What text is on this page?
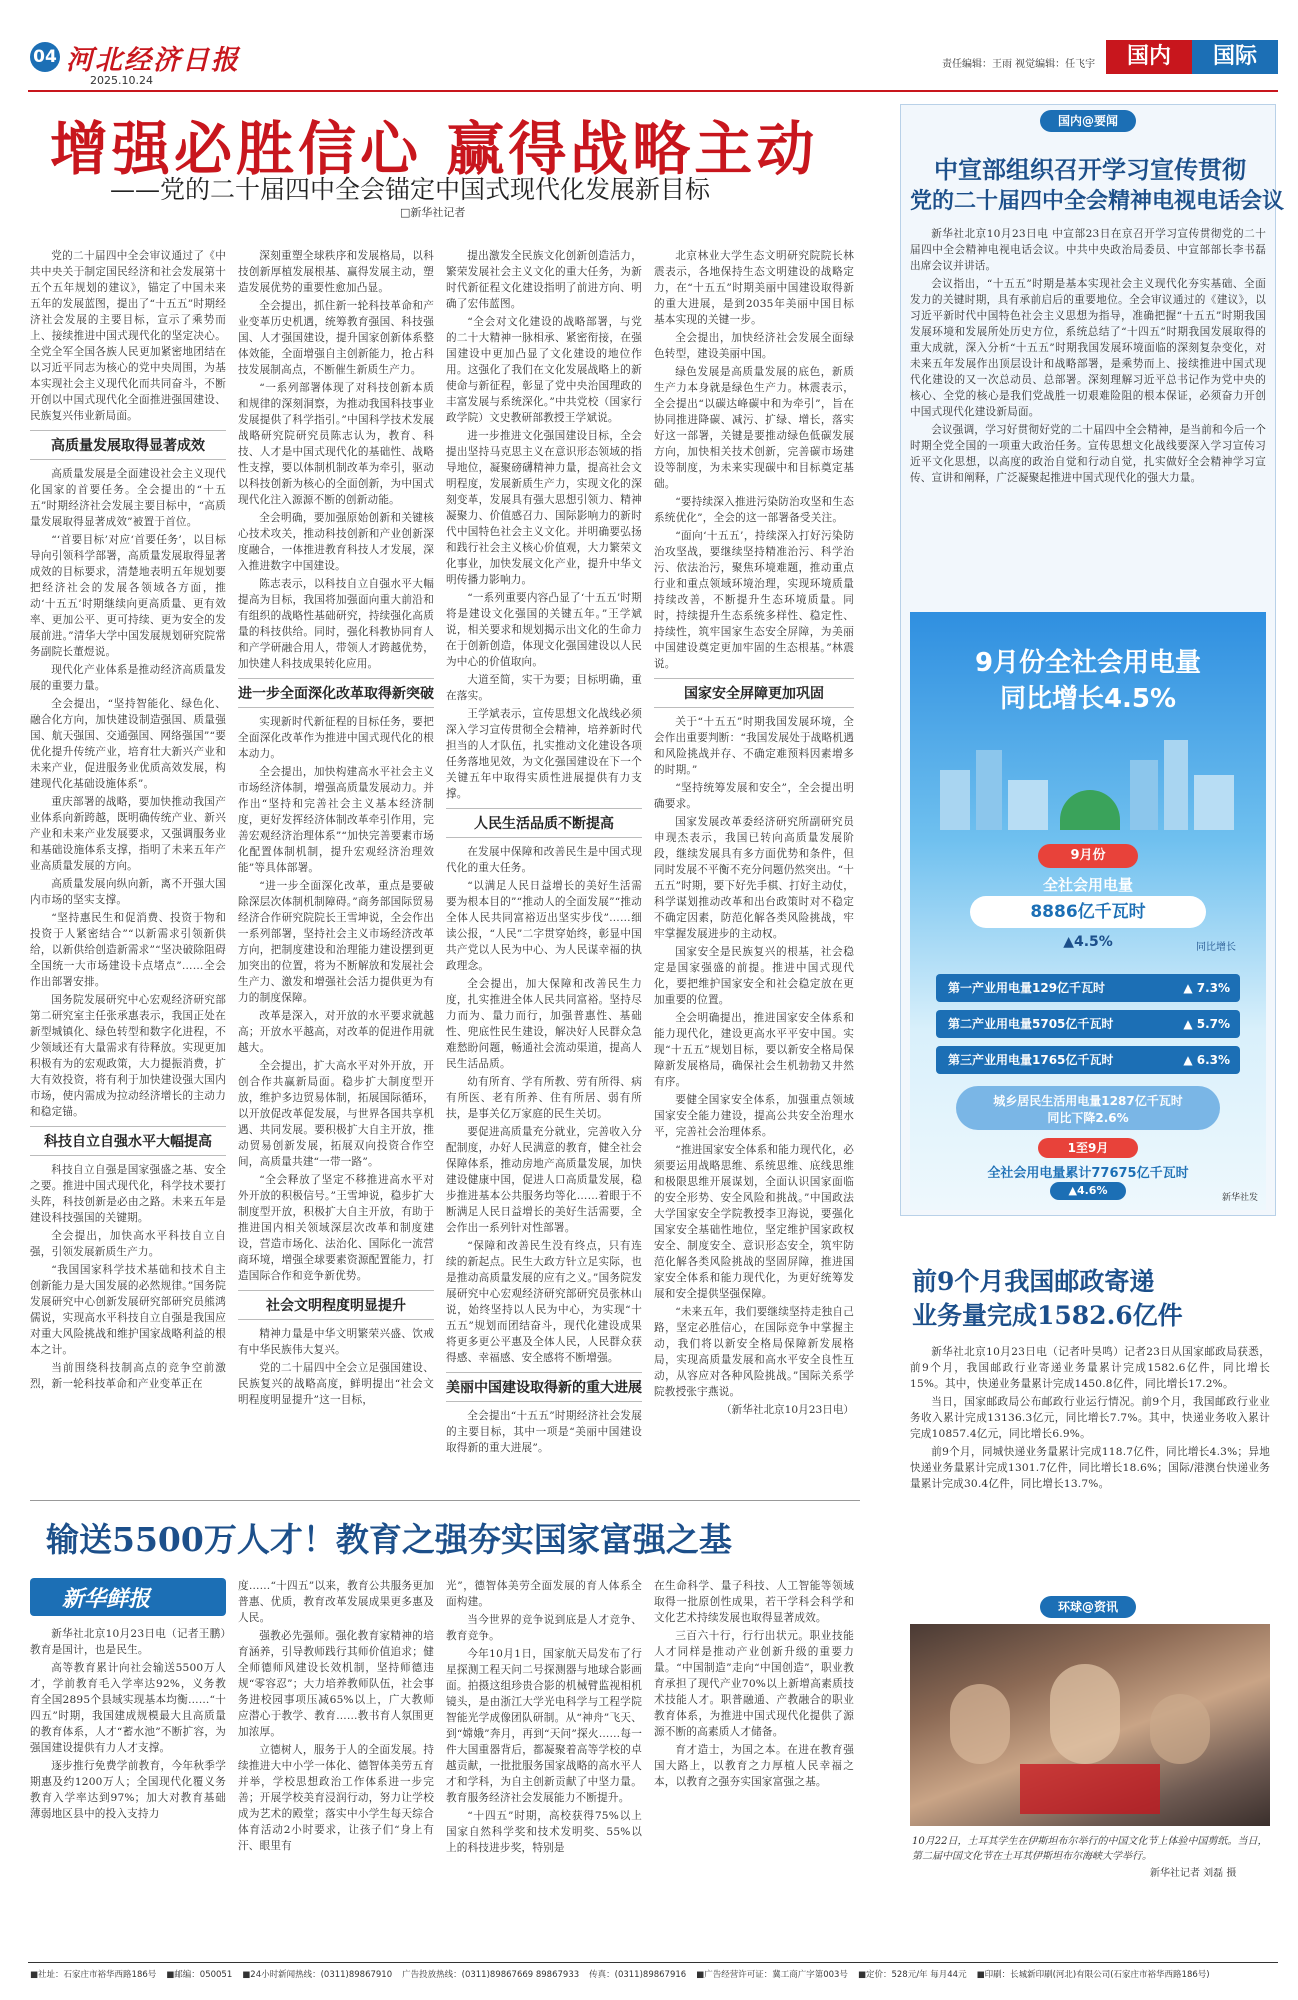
04 河北经济日报
2025.10.24
责任编辑：王雨 视觉编辑：任飞宇	国内	国际
增强必胜信心 赢得战略主动
——党的二十届四中全会锚定中国式现代化发展新目标
□新华社记者

党的二十届四中全会审议通过了《中共中央关于制定国民经济和社会发展第十五个五年规划的建议》，锚定了中国未来五年的发展蓝图，提出了“十五五”时期经济社会发展的主要目标，宣示了乘势而上、接续推进中国式现代化的坚定决心。全党全军全国各族人民更加紧密地团结在以习近平同志为核心的党中央周围，为基本实现社会主义现代化而共同奋斗，不断开创以中国式现代化全面推进强国建设、民族复兴伟业新局面。

高质量发展取得显著成效

高质量发展是全面建设社会主义现代化国家的首要任务。全会提出的“十五五”时期经济社会发展主要目标中，“高质量发展取得显著成效”被置于首位。

“‘首要目标’对应‘首要任务’，以目标导向引领科学部署，高质量发展取得显著成效的目标要求，清楚地表明五年规划要把经济社会的发展各领域各方面，推动‘十五五’时期继续向更高质量、更有效率、更加公平、更可持续、更为安全的发展前进。”清华大学中国发展规划研究院常务副院长董煜说。

现代化产业体系是推动经济高质量发展的重要力量。

全会提出，“坚持智能化、绿色化、融合化方向，加快建设制造强国、质量强国、航天强国、交通强国、网络强国”“要优化提升传统产业，培育壮大新兴产业和未来产业，促进服务业优质高效发展，构建现代化基础设施体系”。

重庆部署的战略，要加快推动我国产业体系向新跨越，既明确传统产业、新兴产业和未来产业发展要求，又强调服务业和基础设施体系支撑，指明了未来五年产业高质量发展的方向。

高质量发展向纵向新，离不开强大国内市场的坚实支撑。

“坚持惠民生和促消费、投资于物和投资于人紧密结合”“以新需求引领新供给，以新供给创造新需求”“坚决破除阻碍全国统一大市场建设卡点堵点”……全会作出部署安排。

国务院发展研究中心宏观经济研究部第二研究室主任张承惠表示，我国正处在新型城镇化、绿色转型和数字化进程，不少领域还有大量需求有待释放。实现更加积极有为的宏观政策，大力提振消费，扩大有效投资，将有利于加快建设强大国内市场，使内需成为拉动经济增长的主动力和稳定锚。

科技自立自强水平大幅提高

科技自立自强是国家强盛之基、安全之要。推进中国式现代化，科学技术要打头阵，科技创新是必由之路。未来五年是建设科技强国的关键期。

全会提出，加快高水平科技自立自强，引领发展新质生产力。

“我国国家科学技术基础和技术自主创新能力是大国发展的必然规律。”国务院发展研究中心创新发展研究部研究员熊鸿儒说，实现高水平科技自立自强是我国应对重大风险挑战和维护国家战略利益的根本之计。

当前围绕科技制高点的竞争空前激烈，新一轮科技革命和产业变革正在

深刻重塑全球秩序和发展格局，以科技创新厚植发展根基、赢得发展主动，塑造发展优势的重要性愈加凸显。

全会提出，抓住新一轮科技革命和产业变革历史机遇，统筹教育强国、科技强国、人才强国建设，提升国家创新体系整体效能，全面增强自主创新能力，抢占科技发展制高点，不断催生新质生产力。

“一系列部署体现了对科技创新本质和规律的深刻洞察，为推动我国科技事业发展提供了科学指引。”中国科学技术发展战略研究院研究员陈志认为，教育、科技、人才是中国式现代化的基础性、战略性支撑，要以体制机制改革为牵引，驱动以科技创新为核心的全面创新，为中国式现代化注入源源不断的创新动能。

全会明确，要加强原始创新和关键核心技术攻关，推动科技创新和产业创新深度融合，一体推进教育科技人才发展，深入推进数字中国建设。

陈志表示，以科技自立自强水平大幅提高为目标，我国将加强面向重大前沿和有组织的战略性基础研究，持续强化高质量的科技供给。同时，强化科教协同育人和产学研融合用人，带领人才跨越优势，加快建人科技成果转化应用。

进一步全面深化改革取得新突破

实现新时代新征程的目标任务，要把全面深化改革作为推进中国式现代化的根本动力。

全会提出，加快构建高水平社会主义市场经济体制，增强高质量发展动力。并作出“坚持和完善社会主义基本经济制度，更好发挥经济体制改革牵引作用，完善宏观经济治理体系”“加快完善要素市场化配置体制机制，提升宏观经济治理效能”等具体部署。

“进一步全面深化改革，重点是要破除深层次体制机制障碍。”商务部国际贸易经济合作研究院院长王雪坤说，全会作出一系列部署，坚持社会主义市场经济改革方向，把制度建设和治理能力建设摆到更加突出的位置，将为不断解放和发展社会生产力、激发和增强社会活力提供更为有力的制度保障。

改革是深入，对开放的水平要求就越高；开放水平越高，对改革的促进作用就越大。

全会提出，扩大高水平对外开放，开创合作共赢新局面。稳步扩大制度型开放，维护多边贸易体制，拓展国际循环，以开放促改革促发展，与世界各国共享机遇、共同发展。要积极扩大自主开放，推动贸易创新发展，拓展双向投资合作空间，高质量共建“一带一路”。

“全会释放了坚定不移推进高水平对外开放的积极信号。”王雪坤说，稳步扩大制度型开放，积极扩大自主开放，有助于推进国内相关领域深层次改革和制度建设，营造市场化、法治化、国际化一流营商环境，增强全球要素资源配置能力，打造国际合作和竞争新优势。

社会文明程度明显提升

精神力量是中华文明繁荣兴盛、饮戒有中华民族伟大复兴。

党的二十届四中全会立足强国建设、民族复兴的战略高度，鲜明提出“社会文明程度明显提升”这一目标，

提出激发全民族文化创新创造活力，繁荣发展社会主义文化的重大任务，为新时代新征程文化建设指明了前进方向、明确了宏伟蓝图。

“全会对文化建设的战略部署，与党的二十大精神一脉相承、紧密衔接，在强国建设中更加凸显了文化建设的地位作用。这强化了我们在文化发展战略上的新使命与新征程，彰显了党中央治国理政的丰富发展与系统深化。”中共党校（国家行政学院）文史教研部教授王学斌说。

进一步推进文化强国建设目标，全会提出坚持马克思主义在意识形态领域的指导地位，凝聚磅礴精神力量，提高社会文明程度，发展新质生产力，实现文化的深刻变革，发展具有强大思想引领力、精神凝聚力、价值感召力、国际影响力的新时代中国特色社会主义文化。并明确要弘扬和践行社会主义核心价值观，大力繁荣文化事业，加快发展文化产业，提升中华文明传播力影响力。

“一系列重要内容凸显了‘十五五’时期将是建设文化强国的关键五年。”王学斌说，相关要求和规划揭示出文化的生命力在于创新创造，体现文化强国建设以人民为中心的价值取向。

大道至简，实干为要；目标明确，重在落实。

王学斌表示，宣传思想文化战线必须深入学习宣传贯彻全会精神，培养新时代担当的人才队伍，扎实推动文化建设各项任务落地见效，为文化强国建设在下一个关键五年中取得实质性进展提供有力支撑。

人民生活品质不断提高

在发展中保障和改善民生是中国式现代化的重大任务。

“以满足人民日益增长的美好生活需要为根本目的”“推动人的全面发展”“推动全体人民共同富裕迈出坚实步伐”……细读公报，“人民”二字贯穿始终，彰显中国共产党以人民为中心、为人民谋幸福的执政理念。

全会提出，加大保障和改善民生力度，扎实推进全体人民共同富裕。坚持尽力而为、量力而行，加强普惠性、基础性、兜底性民生建设，解决好人民群众急难愁盼问题，畅通社会流动渠道，提高人民生活品质。

幼有所育、学有所教、劳有所得、病有所医、老有所养、住有所居、弱有所扶，是事关亿万家庭的民生关切。

要促进高质量充分就业，完善收入分配制度，办好人民满意的教育，健全社会保障体系，推动房地产高质量发展，加快建设健康中国，促进人口高质量发展，稳步推进基本公共服务均等化……着眼于不断满足人民日益增长的美好生活需要，全会作出一系列针对性部署。

“保障和改善民生没有终点，只有连续的新起点。民生大政方针立足实际，也是推动高质量发展的应有之义。”国务院发展研究中心宏观经济研究部研究员张林山说，始终坚持以人民为中心，为实现“十五五”规划而团结奋斗，现代化建设成果将更多更公平惠及全体人民，人民群众获得感、幸福感、安全感将不断增强。

美丽中国建设取得新的重大进展

全会提出“十五五”时期经济社会发展的主要目标，其中一项是“美丽中国建设取得新的重大进展”。

北京林业大学生态文明研究院院长林震表示，各地保持生态文明建设的战略定力，在“十五五”时期美丽中国建设取得新的重大进展，是到2035年美丽中国目标基本实现的关键一步。

全会提出，加快经济社会发展全面绿色转型，建设美丽中国。

绿色发展是高质量发展的底色，新质生产力本身就是绿色生产力。林震表示，全会提出“以碳达峰碳中和为牵引”，旨在协同推进降碳、减污、扩绿、增长，落实好这一部署，关键是要推动绿色低碳发展方向，加快相关技术创新，完善碳市场建设等制度，为未来实现碳中和目标奠定基础。

“要持续深入推进污染防治攻坚和生态系统优化”，全会的这一部署备受关注。

“面向‘十五五’，持续深入打好污染防治攻坚战，要继续坚持精准治污、科学治污、依法治污，聚焦环境难题，推动重点行业和重点领域环境治理，实现环境质量持续改善，不断提升生态环境质量。同时，持续提升生态系统多样性、稳定性、持续性，筑牢国家生态安全屏障，为美丽中国建设奠定更加牢固的生态根基。”林震说。

国家安全屏障更加巩固

关于“十五五”时期我国发展环境，全会作出重要判断：“我国发展处于战略机遇和风险挑战并存、不确定难预料因素增多的时期。”

“坚持统筹发展和安全”，全会提出明确要求。

国家发展改革委经济研究所副研究员申现杰表示，我国已转向高质量发展阶段，继续发展具有多方面优势和条件，但同时发展不平衡不充分问题仍然突出。“十五五”时期，要下好先手棋、打好主动仗，科学谋划推动改革和出台政策时对不稳定不确定因素，防范化解各类风险挑战，牢牢掌握发展进步的主动权。

国家安全是民族复兴的根基，社会稳定是国家强盛的前提。推进中国式现代化，要把维护国家安全和社会稳定放在更加重要的位置。

全会明确提出，推进国家安全体系和能力现代化，建设更高水平平安中国。实现“十五五”规划目标，要以新安全格局保障新发展格局，确保社会生机勃勃又井然有序。

要健全国家安全体系，加强重点领域国家安全能力建设，提高公共安全治理水平，完善社会治理体系。

“推进国家安全体系和能力现代化，必须要运用战略思维、系统思维、底线思维和极限思维开展谋划，全面认识国家面临的安全形势、安全风险和挑战。”中国政法大学国家安全学院教授李卫海说，要强化国家安全基础性地位，坚定维护国家政权安全、制度安全、意识形态安全，筑牢防范化解各类风险挑战的坚固屏障，推进国家安全体系和能力现代化，为更好统筹发展和安全提供坚强保障。

“未来五年，我们要继续坚持走独自己路，坚定必胜信心，在国际竞争中掌握主动，我们将以新安全格局保障新发展格局，实现高质量发展和高水平安全良性互动，从容应对各种风险挑战。”国际关系学院教授张宇燕说。

（新华社北京10月23日电）

国内@要闻
中宣部组织召开学习宣传贯彻
党的二十届四中全会精神电视电话会议

新华社北京10月23日电 中宣部23日在京召开学习宣传贯彻党的二十届四中全会精神电视电话会议。中共中央政治局委员、中宣部部长李书磊出席会议并讲话。

会议指出，“十五五”时期是基本实现社会主义现代化夯实基础、全面发力的关键时期，具有承前启后的重要地位。全会审议通过的《建议》，以习近平新时代中国特色社会主义思想为指导，准确把握“十五五”时期我国发展环境和发展所处历史方位，系统总结了“十四五”时期我国发展取得的重大成就，深入分析“十五五”时期我国发展环境面临的深刻复杂变化，对未来五年发展作出顶层设计和战略部署，是乘势而上、接续推进中国式现代化建设的又一次总动员、总部署。深刻理解习近平总书记作为党中央的核心、全党的核心是我们党战胜一切艰难险阻的根本保证，必须奋力开创中国式现代化建设新局面。

会议强调，学习好贯彻好党的二十届四中全会精神，是当前和今后一个时期全党全国的一项重大政治任务。宣传思想文化战线要深入学习宣传习近平文化思想，以高度的政治自觉和行动自觉，扎实做好全会精神学习宣传、宣讲和阐释，广泛凝聚起推进中国式现代化的强大力量。

9月份全社会用电量
同比增长4.5%
9月份
全社会用电量
8886亿千瓦时
▲4.5%	同比增长
第一产业用电量129亿千瓦时	▲ 7.3%
第二产业用电量5705亿千瓦时	▲ 5.7%
第三产业用电量1765亿千瓦时	▲ 6.3%
城乡居民生活用电量1287亿千瓦时
同比下降2.6%
1至9月
全社会用电量累计77675亿千瓦时
▲4.6%
新华社发
前9个月我国邮政寄递
业务量完成1582.6亿件

新华社北京10月23日电（记者叶昊鸣）记者23日从国家邮政局获悉，前9个月，我国邮政行业寄递业务量累计完成1582.6亿件，同比增长15%。其中，快递业务量累计完成1450.8亿件，同比增长17.2%。

当日，国家邮政局公布邮政行业运行情况。前9个月，我国邮政行业业务收入累计完成13136.3亿元，同比增长7.7%。其中，快递业务收入累计完成10857.4亿元，同比增长6.9%。

前9个月，同城快递业务量累计完成118.7亿件，同比增长4.3%；异地快递业务量累计完成1301.7亿件，同比增长18.6%；国际/港澳台快递业务量累计完成30.4亿件，同比增长13.7%。

环球@资讯
10月22日，土耳其学生在伊斯坦布尔举行的中国文化节上体验中国剪纸。当日，第二届中国文化节在土耳其伊斯坦布尔海峡大学举行。
新华社记者 刘磊 摄
输送5500万人才！教育之强夯实国家富强之基
新华鲜报

新华社北京10月23日电（记者王鹏）教育是国计，也是民生。

高等教育累计向社会输送5500万人才，学前教育毛入学率达92%，义务教育全国2895个县域实现基本均衡……“十四五”时期，我国建成规模最大且高质量的教育体系，人才“蓄水池”不断扩容，为强国建设提供有力人才支撑。

逐步推行免费学前教育，今年秋季学期惠及约1200万人；全国现代化覆义务教育入学率达到97%；加大对教育基础薄弱地区县中的投入支持力

度……“十四五”以来，教育公共服务更加普惠、优质，教育改革发展成果更多惠及人民。

强教必先强师。强化教育家精神的培育涵养，引导教师践行其师价值追求；健全师德师风建设长效机制，坚持师德违规“零容忍”；大力培养教师队伍，社会事务进校园事项压减65%以上，广大教师应潜心于教学、教育……教书育人氛围更加浓厚。

立德树人，服务于人的全面发展。持续推进大中小学一体化、德智体美劳五育并举，学校思想政治工作体系进一步完善；开展学校美育浸润行动，努力让学校成为艺术的殿堂；落实中小学生每天综合体育活动2小时要求，让孩子们“身上有汗、眼里有

光”，德智体美劳全面发展的育人体系全面构建。

当今世界的竞争说到底是人才竞争、教育竞争。

今年10月1日，国家航天局发布了行星探测工程天问二号探测器与地球合影画面。拍摄这组珍贵合影的机械臂监视相机镜头，是由浙江大学光电科学与工程学院智能光学成像团队研制。从“神舟”飞天、到“嫦娥”奔月，再到“天问”探火……每一件大国重器背后，都凝聚着高等学校的卓越贡献，一批批服务国家战略的高水平人才和学科，为自主创新贡献了中坚力量。教育服务经济社会发展能力不断提升。

“十四五”时期，高校获得75%以上国家自然科学奖和技术发明奖、55%以上的科技进步奖，特别是

在生命科学、量子科技、人工智能等领域取得一批原创性成果，若干学科会科学和文化艺术持续发展也取得显著成效。

三百六十行，行行出状元。职业技能人才同样是推动产业创新升级的重要力量。“中国制造”走向“中国创造”，职业教育承担了现代产业70%以上新增高素质技术技能人才。职普融通、产教融合的职业教育体系，为推进中国式现代化提供了源源不断的高素质人才储备。

育才造士，为国之本。在进在教育强国大路上，以教育之力厚植人民幸福之本，以教育之强夯实国家富强之基。

■社址：石家庄市裕华西路186号 ■邮编：050051 ■24小时新闻热线：(0311)89867910 广告投放热线：(0311)89867669 89867933 传真：(0311)89867916 ■广告经营许可证：冀工商广字第003号 ■定价：528元/年 每月44元 ■印刷：长城新印刷(河北)有限公司(石家庄市裕华西路186号)
